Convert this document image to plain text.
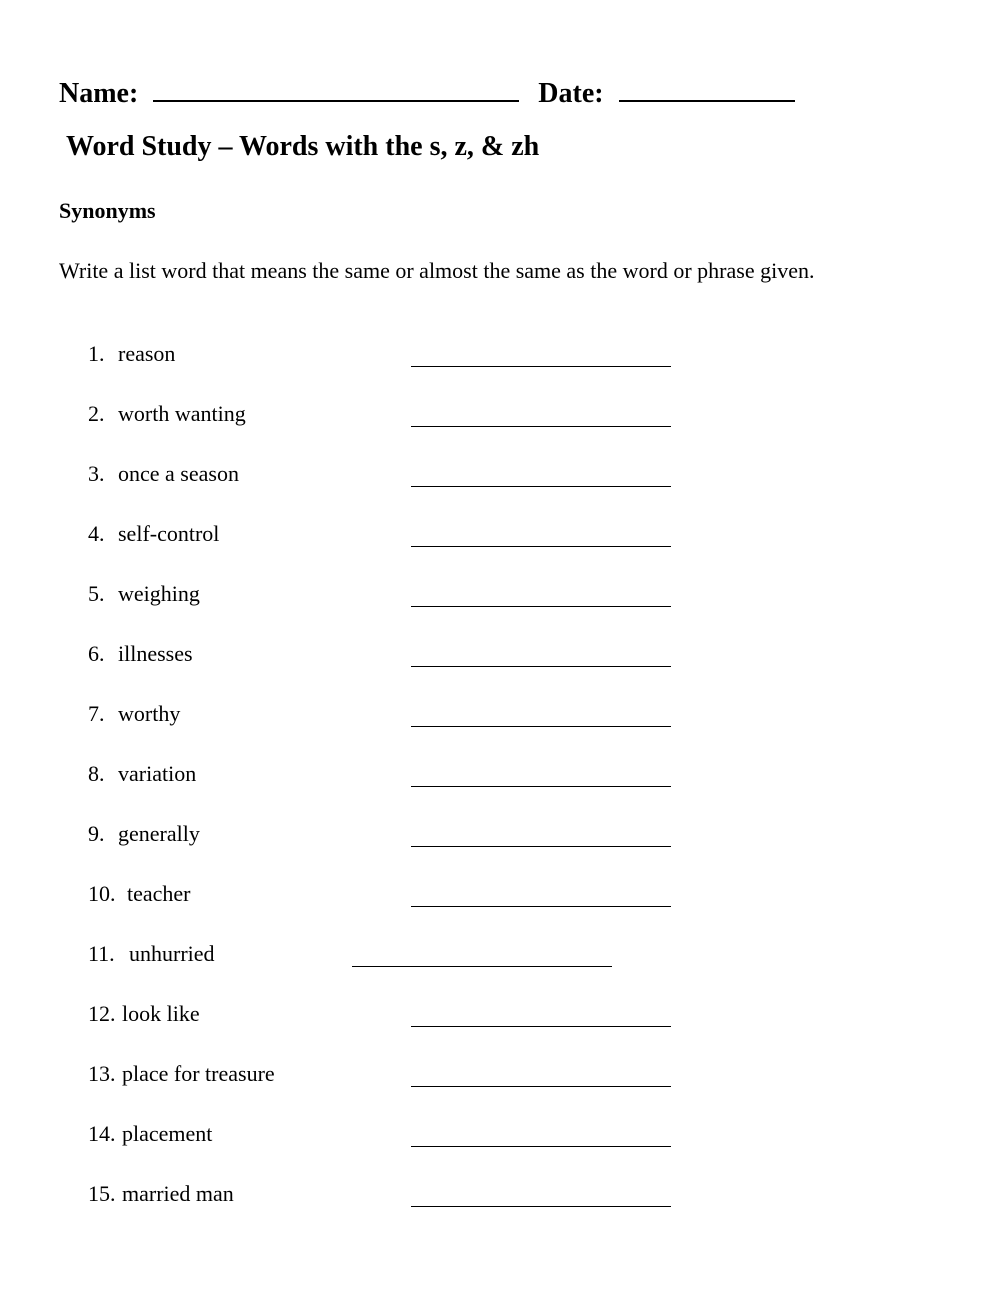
Name:	Date:
Word Study – Words with the s, z, & zh
Synonyms
Write a list word that means the same or almost the same as the word or phrase given.
1. reason
2. worth wanting
3. once a season
4. self-control
5. weighing
6. illnesses
7. worthy
8. variation
9. generally
10. teacher
11. unhurried
12. look like
13. place for treasure
14. placement
15. married man
